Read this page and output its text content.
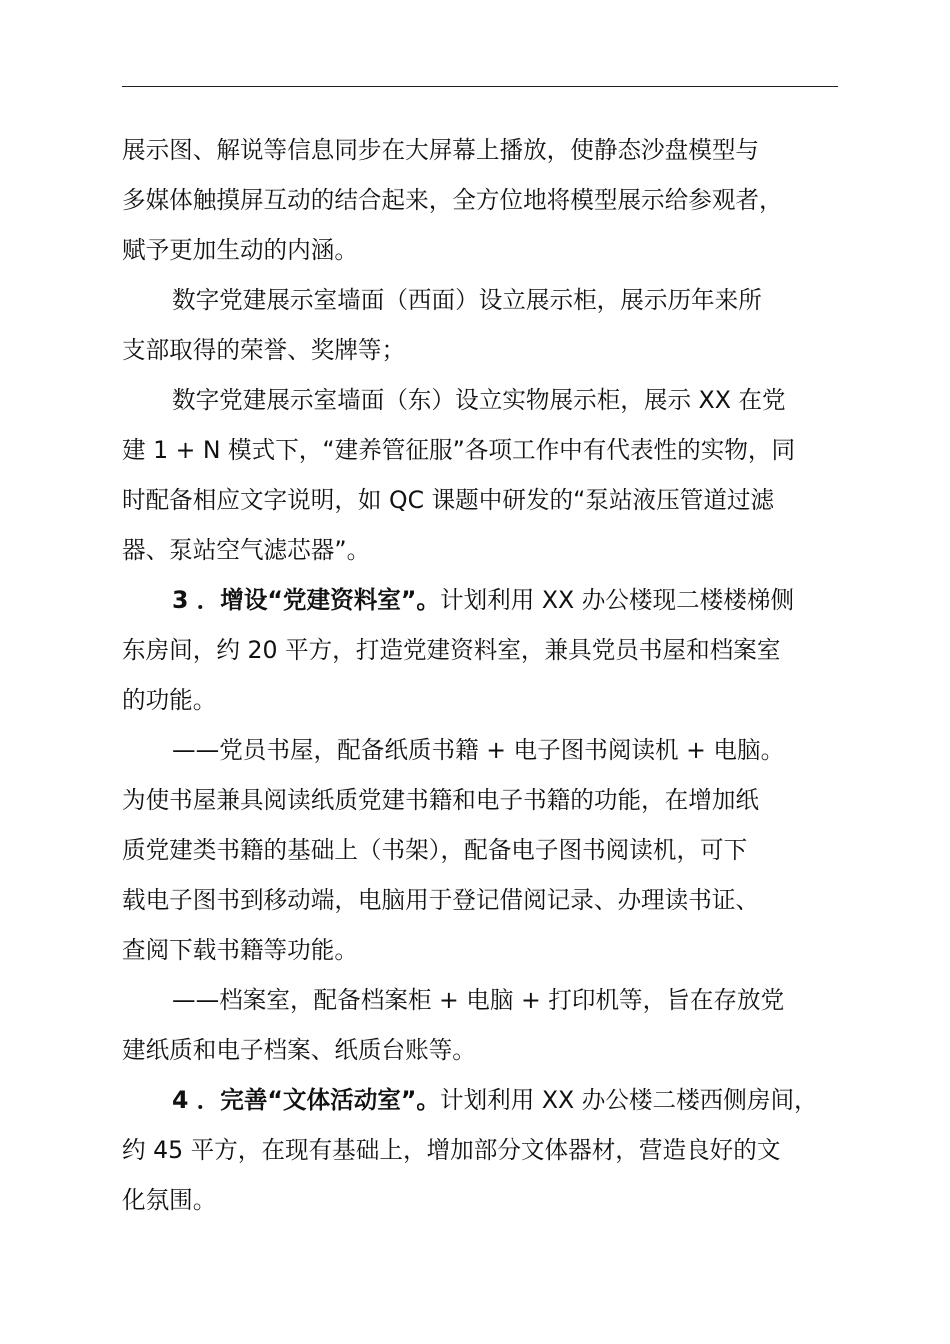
展示图、解说等信息同步在大屏幕上播放，使静态沙盘模型与
多媒体触摸屏互动的结合起来，全方位地将模型展示给参观者，
赋予更加生动的内涵。
数字党建展示室墙面（西面）设立展示柜，展示历年来所
支部取得的荣誉、奖牌等；
数字党建展示室墙面（东）设立实物展示柜，展示 XX 在党
建 1 + N 模式下，“建养管征服”各项工作中有代表性的实物，同
时配备相应文字说明，如 QC 课题中研发的“泵站液压管道过滤
器、泵站空气滤芯器”。
3 ．增设“党建资料室”。计划利用 XX 办公楼现二楼楼梯侧
东房间，约 20 平方，打造党建资料室，兼具党员书屋和档案室
的功能。
——党员书屋，配备纸质书籍 + 电子图书阅读机 + 电脑。
为使书屋兼具阅读纸质党建书籍和电子书籍的功能，在增加纸
质党建类书籍的基础上（书架），配备电子图书阅读机，可下
载电子图书到移动端，电脑用于登记借阅记录、办理读书证、
查阅下载书籍等功能。
——档案室，配备档案柜 + 电脑 + 打印机等，旨在存放党
建纸质和电子档案、纸质台账等。
4 ．完善“文体活动室”。计划利用 XX 办公楼二楼西侧房间，
约 45 平方，在现有基础上，增加部分文体器材，营造良好的文
化氛围。
